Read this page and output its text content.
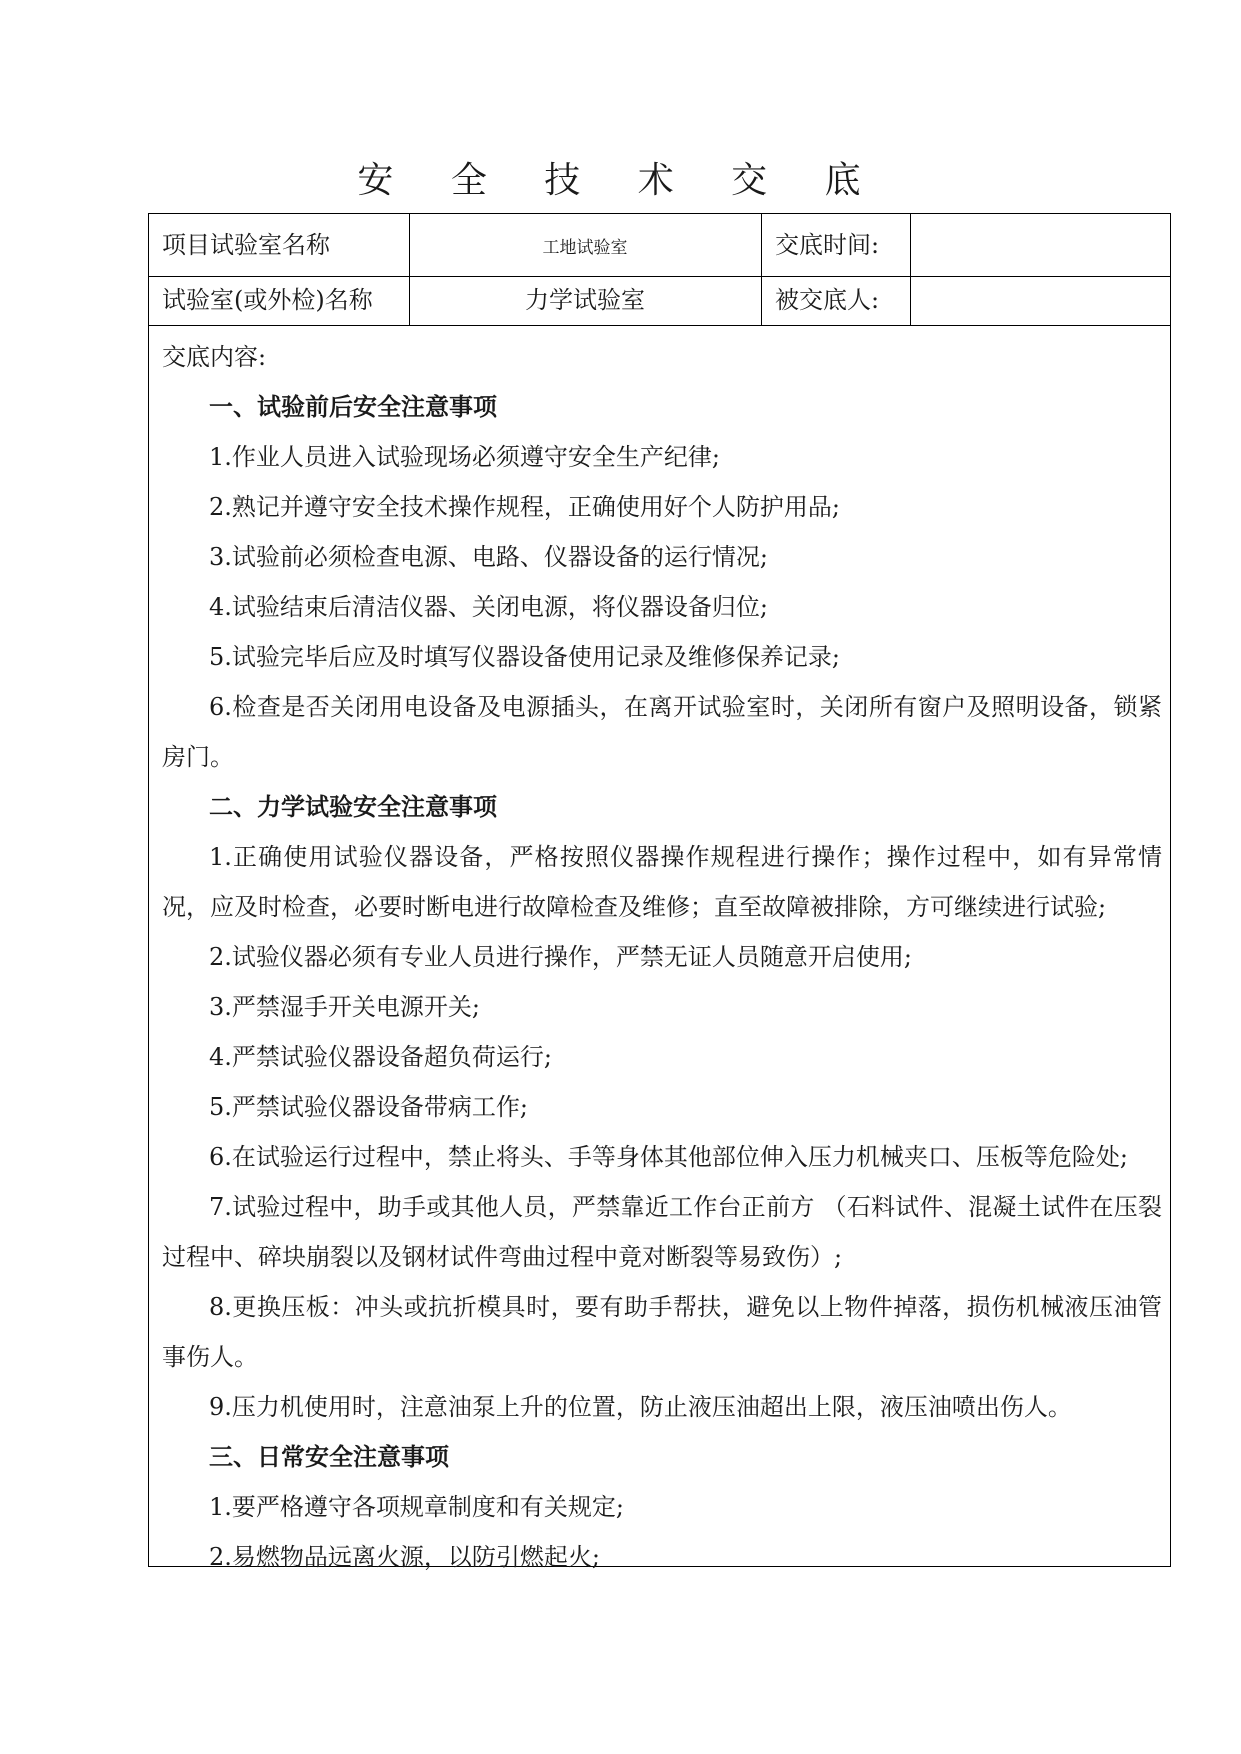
安 全 技 术 交 底
项目试验室名称	工地试验室	交底时间:
试验室(或外检)名称	力学试验室	被交底人:

交底内容:

一、试验前后安全注意事项

1.作业人员进入试验现场必须遵守安全生产纪律;

2.熟记并遵守安全技术操作规程，正确使用好个人防护用品;

3.试验前必须检查电源、电路、仪器设备的运行情况;

4.试验结束后清洁仪器、关闭电源，将仪器设备归位;

5.试验完毕后应及时填写仪器设备使用记录及维修保养记录;

6.检查是否关闭用电设备及电源插头，在离开试验室时，关闭所有窗户及照明设备，锁紧房门。

二、力学试验安全注意事项

1.正确使用试验仪器设备，严格按照仪器操作规程进行操作；操作过程中，如有异常情况，应及时检查，必要时断电进行故障检查及维修；直至故障被排除，方可继续进行试验;

2.试验仪器必须有专业人员进行操作，严禁无证人员随意开启使用;

3.严禁湿手开关电源开关;

4.严禁试验仪器设备超负荷运行;

5.严禁试验仪器设备带病工作;

6.在试验运行过程中，禁止将头、手等身体其他部位伸入压力机械夹口、压板等危险处;

7.试验过程中，助手或其他人员，严禁靠近工作台正前方 （石料试件、混凝土试件在压裂过程中、碎块崩裂以及钢材试件弯曲过程中竟对断裂等易致伤）;

8.更换压板：冲头或抗折模具时，要有助手帮扶，避免以上物件掉落，损伤机械液压油管事伤人。

9.压力机使用时，注意油泵上升的位置，防止液压油超出上限，液压油喷出伤人。

三、日常安全注意事项

1.要严格遵守各项规章制度和有关规定;

2.易燃物品远离火源，以防引燃起火;
